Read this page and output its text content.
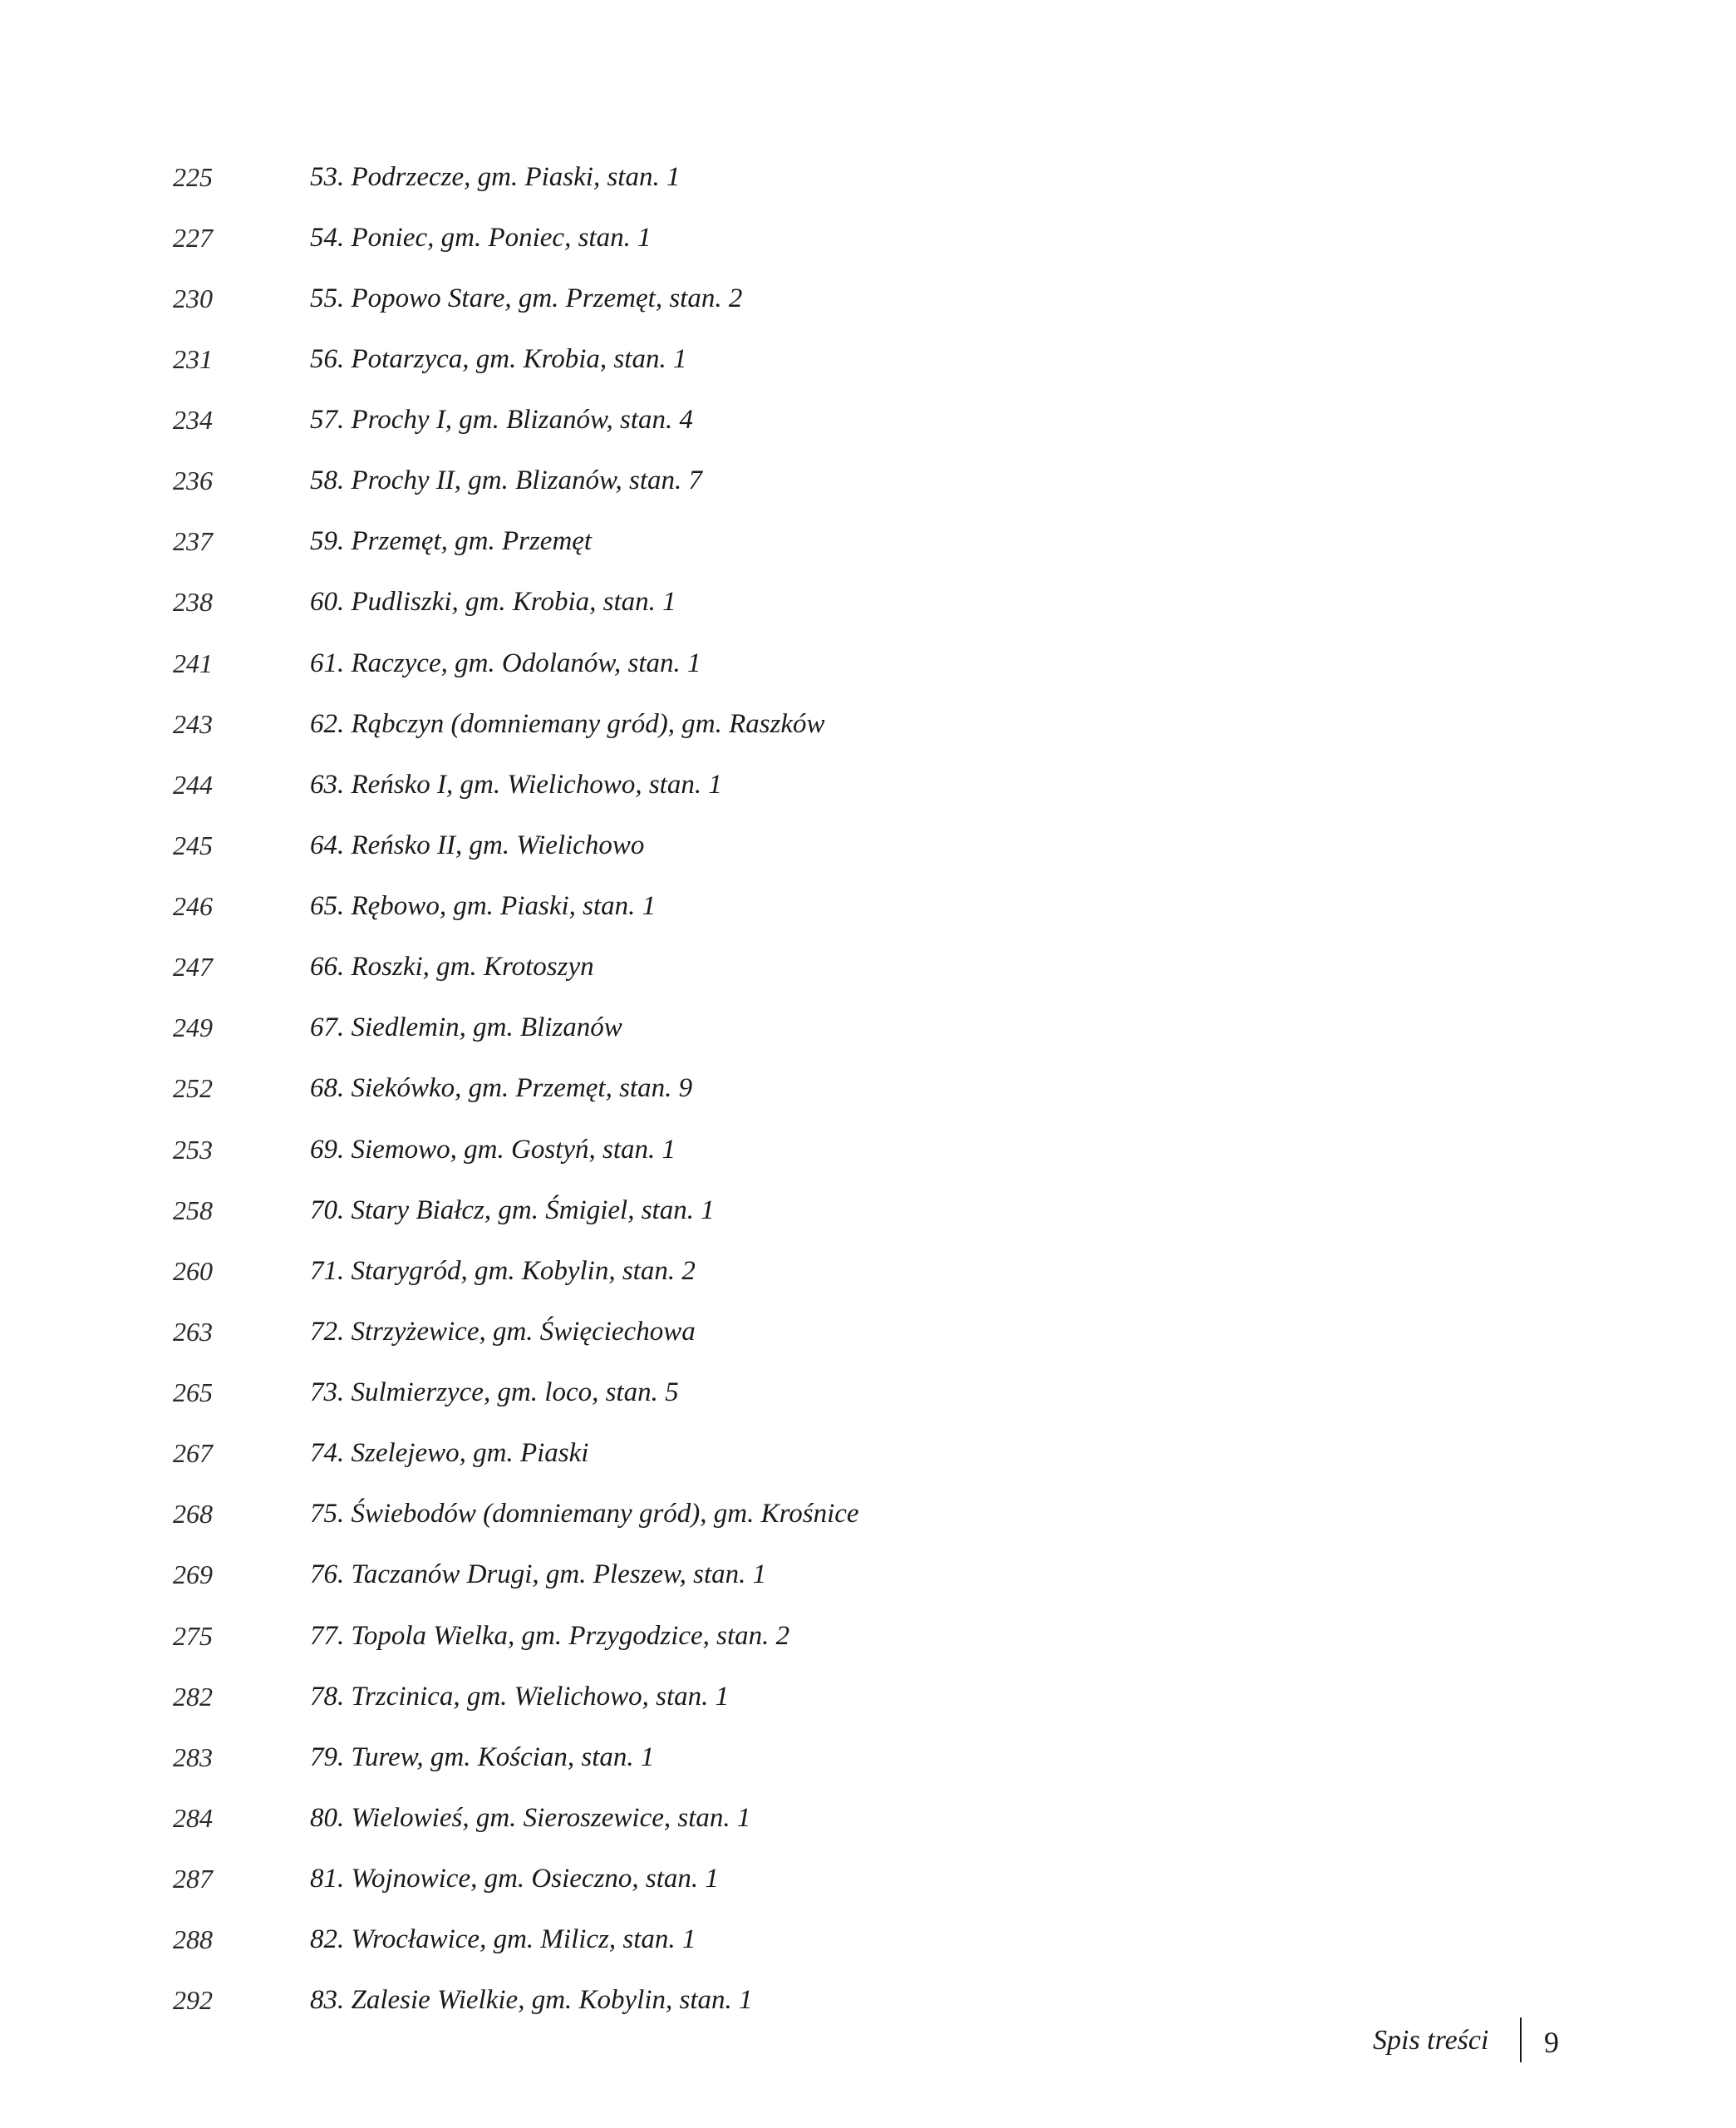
225	53. Podrzecze, gm. Piaski, stan. 1
227	54. Poniec, gm. Poniec, stan. 1
230	55. Popowo Stare, gm. Przemęt, stan. 2
231	56. Potarzyca, gm. Krobia, stan. 1
234	57. Prochy I, gm. Blizanów, stan. 4
236	58. Prochy II, gm. Blizanów, stan. 7
237	59. Przemęt, gm. Przemęt
238	60. Pudliszki, gm. Krobia, stan. 1
241	61. Raczyce, gm. Odolanów, stan. 1
243	62. Rąbczyn (domniemany gród), gm. Raszków
244	63. Reńsko I, gm. Wielichowo, stan. 1
245	64. Reńsko II, gm. Wielichowo
246	65. Rębowo, gm. Piaski, stan. 1
247	66. Roszki, gm. Krotoszyn
249	67. Siedlemin, gm. Blizanów
252	68. Siekówko, gm. Przemęt, stan. 9
253	69. Siemowo, gm. Gostyń, stan. 1
258	70. Stary Białcz, gm. Śmigiel, stan. 1
260	71. Starygród, gm. Kobylin, stan. 2
263	72. Strzyżewice, gm. Święciechowa
265	73. Sulmierzyce, gm. loco, stan. 5
267	74. Szelejewo, gm. Piaski
268	75. Świebodów (domniemany gród), gm. Krośnice
269	76. Taczanów Drugi, gm. Pleszew, stan. 1
275	77. Topola Wielka, gm. Przygodzice, stan. 2
282	78. Trzcinica, gm. Wielichowo, stan. 1
283	79. Turew, gm. Kościan, stan. 1
284	80. Wielowieś, gm. Sieroszewice, stan. 1
287	81. Wojnowice, gm. Osieczno, stan. 1
288	82. Wrocławice, gm. Milicz, stan. 1
292	83. Zalesie Wielkie, gm. Kobylin, stan. 1
Spis treści 9
